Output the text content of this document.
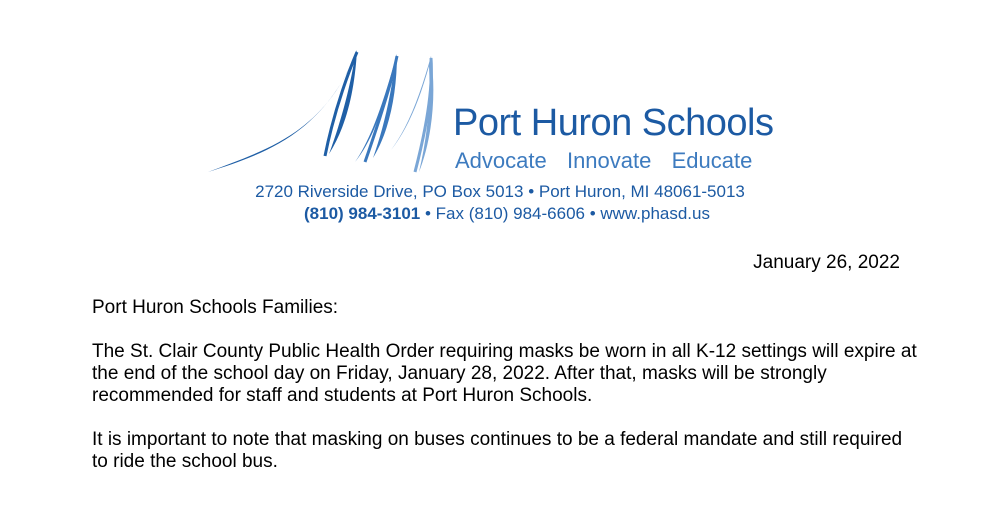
Port Huron Schools
Advocate  Innovate  Educate
2720 Riverside Drive, PO Box 5013 • Port Huron, MI 48061-5013
(810) 984-3101 • Fax (810) 984-6606 • www.phasd.us
January 26, 2022

Port Huron Schools Families:

The St. Clair County Public Health Order requiring masks be worn in all K-12 settings will expire at the end of the school day on Friday, January 28, 2022. After that, masks will be strongly recommended for staff and students at Port Huron Schools.

It is important to note that masking on buses continues to be a federal mandate and still required to ride the school bus.
